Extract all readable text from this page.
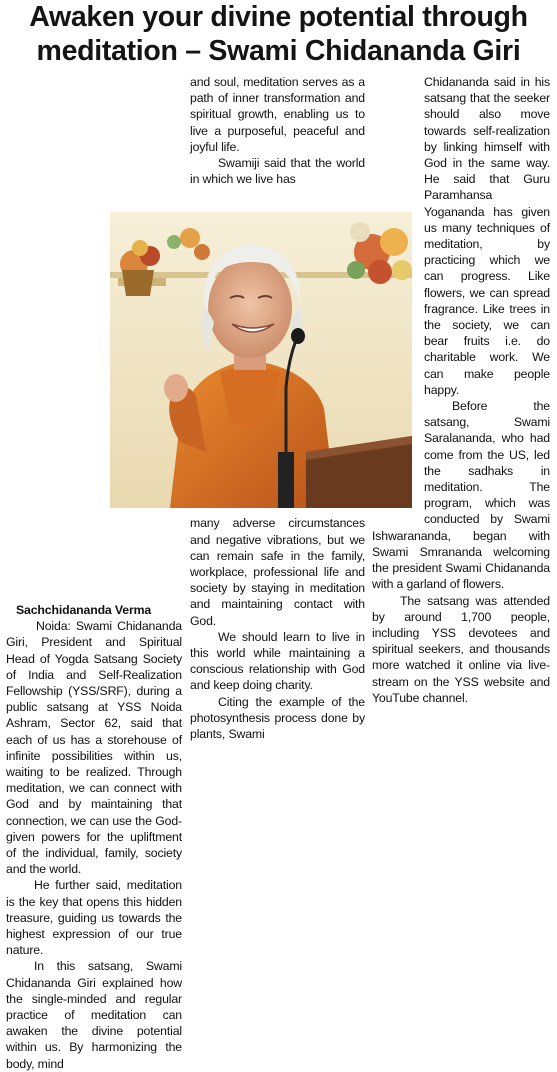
Awaken your divine potential through
meditation – Swami Chidananda Giri
Sachchidananda Verma

Noida: Swami Chidananda Giri, President and Spiritual Head of Yogda Satsang Society of India and Self-Realization Fellowship (YSS/SRF), during a public satsang at YSS Noida Ashram, Sector 62, said that each of us has a storehouse of infinite possibilities within us, waiting to be realized. Through meditation, we can connect with God and by maintaining that connection, we can use the God-given powers for the upliftment of the individual, family, society and the world.

He further said, meditation is the key that opens this hidden treasure, guiding us towards the highest expression of our true nature.

In this satsang, Swami Chidananda Giri explained how the single-minded and regular practice of meditation can awaken the divine potential within us. By harmonizing the body, mind

and soul, meditation serves as a path of inner transformation and spiritual growth, enabling us to live a purposeful, peaceful and joyful life.

Swamiji said that the world in which we live has

many adverse circumstances and negative vibrations, but we can remain safe in the family, workplace, professional life and society by staying in meditation and maintaining contact with God.

We should learn to live in this world while maintaining a conscious relationship with God and keep doing charity.

Citing the example of the photosynthesis process done by plants, Swami

Chidananda said in his satsang that the seeker should also move towards self-realization by linking himself with God in the same way. He said that Guru Paramhansa Yogananda has given us many techniques of meditation, by practicing which we can progress. Like flowers, we can spread fragrance. Like trees in the society, we can bear fruits i.e. do charitable work. We can make people happy.

Before the satsang, Swami Saralananda, who had come from the US, led the sadhaks in meditation. The program, which was conducted by Swami Ishwarananda, began with Swami Smrananda welcoming the president Swami Chidananda with a garland of flowers.

The satsang was attended by around 1,700 people, including YSS devotees and spiritual seekers, and thousands more watched it online via live-stream on the YSS website and YouTube channel.
